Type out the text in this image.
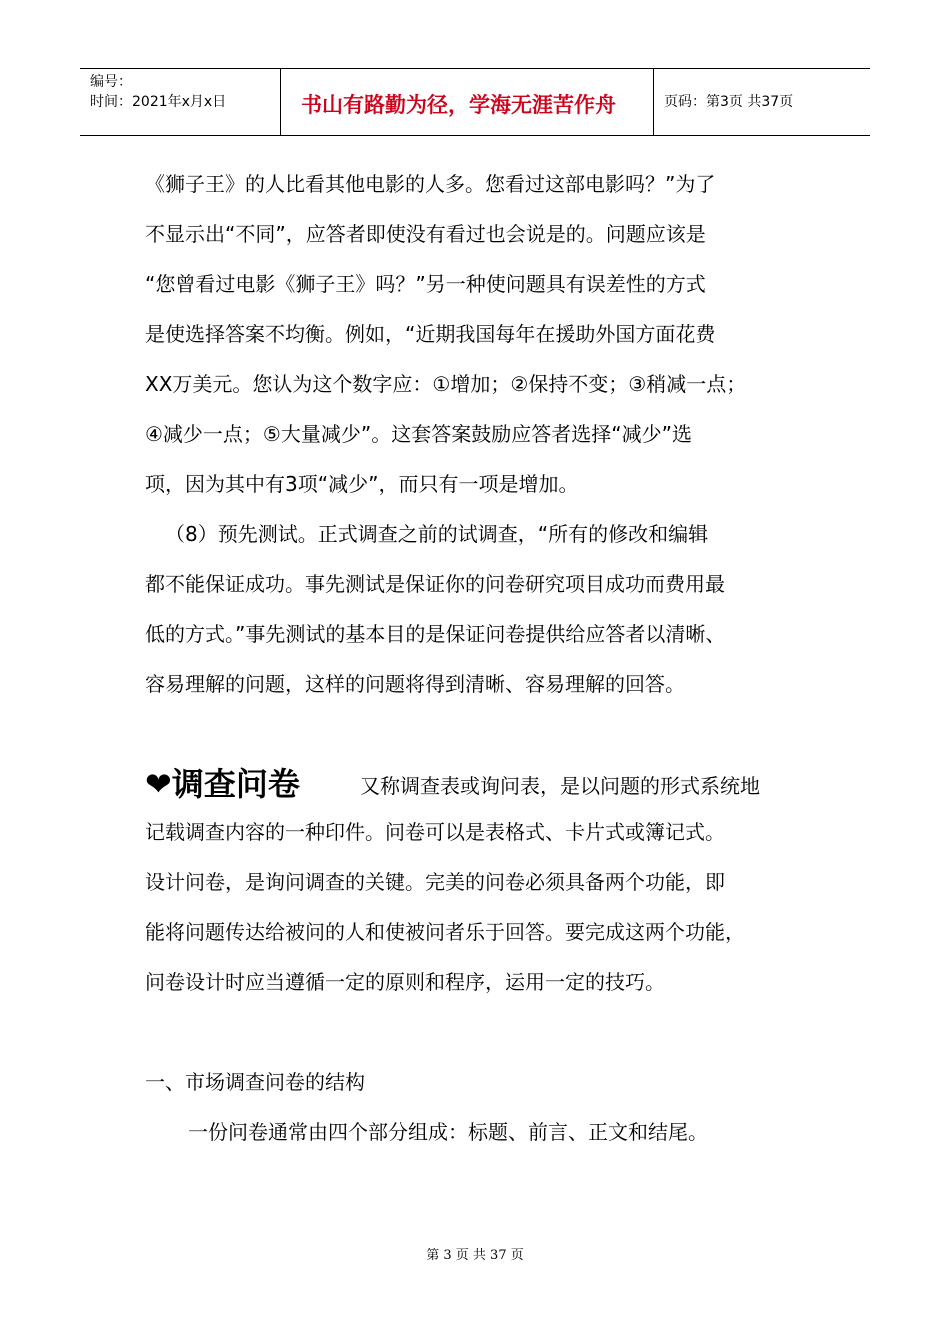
编号：
时间：2021年x月x日	书山有路勤为径，学海无涯苦作舟	页码：第3页 共37页
《狮子王》的人比看其他电影的人多。您看过这部电影吗？”为了
不显示出“不同”，应答者即使没有看过也会说是的。问题应该是
“您曾看过电影《狮子王》吗？”另一种使问题具有误差性的方式
是使选择答案不均衡。例如，“近期我国每年在援助外国方面花费
XX万美元。您认为这个数字应：①增加；②保持不变；③稍减一点；
④减少一点；⑤大量减少”。这套答案鼓励应答者选择“减少”选
项，因为其中有3项“减少”，而只有一项是增加。
（8）预先测试。正式调查之前的试调查，“所有的修改和编辑
都不能保证成功。事先测试是保证你的问卷研究项目成功而费用最
低的方式。”事先测试的基本目的是保证问卷提供给应答者以清晰、
容易理解的问题，这样的问题将得到清晰、容易理解的回答。
❤调查问卷	又称调查表或询问表，是以问题的形式系统地
记载调查内容的一种印件。问卷可以是表格式、卡片式或簿记式。
设计问卷，是询问调查的关键。完美的问卷必须具备两个功能，即
能将问题传达给被问的人和使被问者乐于回答。要完成这两个功能，
问卷设计时应当遵循一定的原则和程序，运用一定的技巧。
一、市场调查问卷的结构
一份问卷通常由四个部分组成：标题、前言、正文和结尾。
第 3 页 共 37 页
